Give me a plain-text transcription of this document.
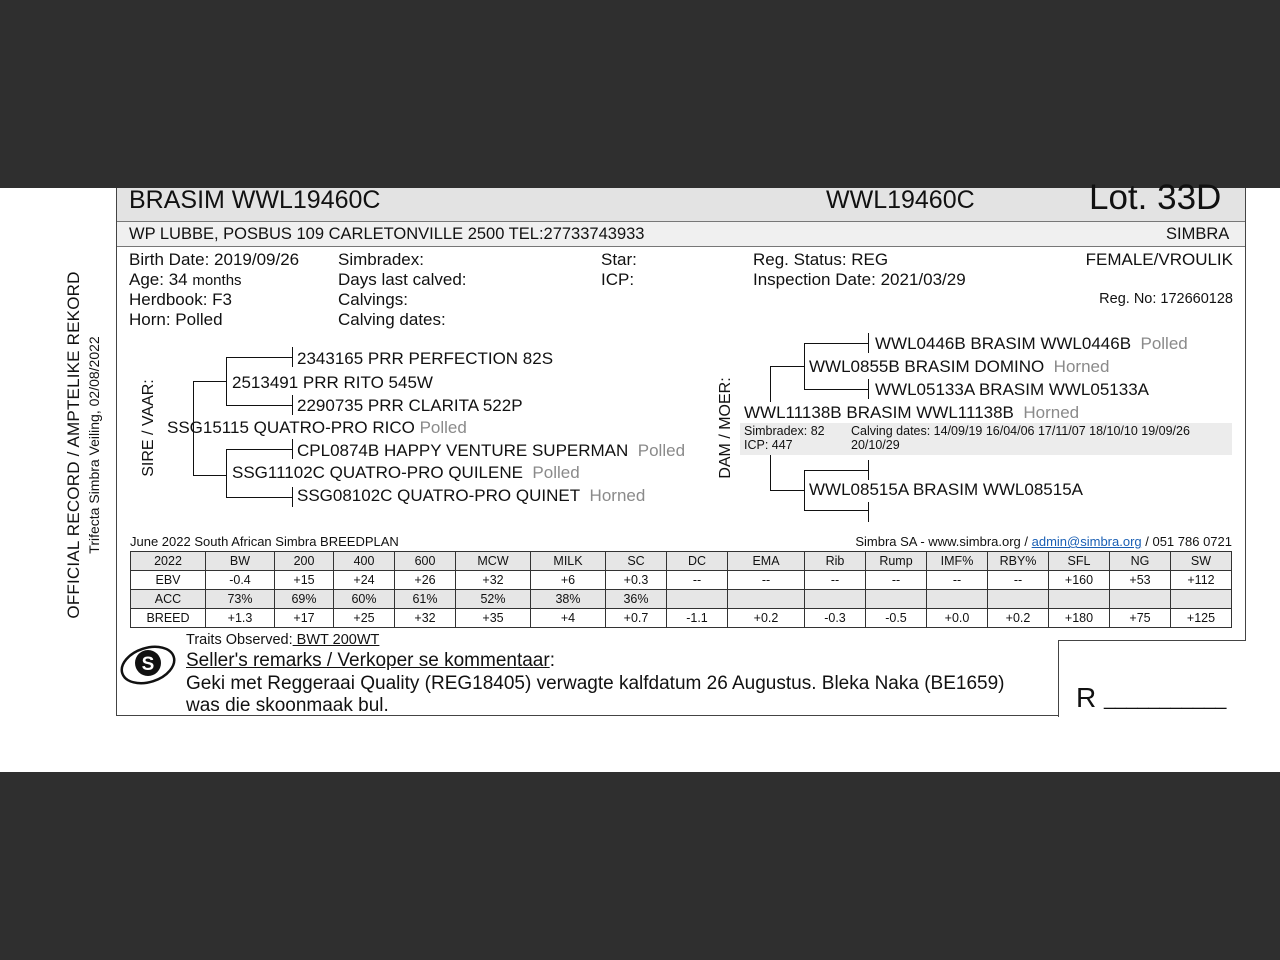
OFFICIAL RECORD / AMPTELIKE REKORD Trifecta Simbra Veiling, 02/08/2022
BRASIM WWL19460C	WWL19460C	Lot. 33D
WP LUBBE, POSBUS 109 CARLETONVILLE 2500 TEL:27733743933	SIMBRA
Birth Date: 2019/09/26
Age: 34 months
Herdbook: F3
Horn: Polled
Simbradex:
Days last calved:
Calvings:
Calving dates:
Star:
ICP:
Reg. Status: REG
Inspection Date: 2021/03/29
FEMALE/VROULIK
Reg. No: 172660128
SIRE / VAAR:
2343165 PRR PERFECTION 82S
2513491 PRR RITO 545W
2290735 PRR CLARITA 522P
SSG15115 QUATRO-PRO RICO Polled
CPL0874B HAPPY VENTURE SUPERMAN Polled
SSG11102C QUATRO-PRO QUILENE Polled
SSG08102C QUATRO-PRO QUINET Horned
DAM / MOER:
WWL0446B BRASIM WWL0446B Polled
WWL0855B BRASIM DOMINO Horned
WWL05133A BRASIM WWL05133A
WWL11138B BRASIM WWL11138B Horned
Simbradex: 82
ICP: 447
Calving dates: 14/09/19 16/04/06 17/11/07 18/10/10 19/09/26
20/10/29
WWL08515A BRASIM WWL08515A
June 2022 South African Simbra BREEDPLAN	Simbra SA - www.simbra.org / admin@simbra.org / 051 786 0721
2022	BW	200	400	600	MCW	MILK	SC	DC	EMA	Rib	Rump	IMF%	RBY%	SFL	NG	SW
EBV	-0.4	+15	+24	+26	+32	+6	+0.3	--	--	--	--	--	--	+160	+53	+112
ACC	73%	69%	60%	61%	52%	38%	36%									
BREED	+1.3	+17	+25	+32	+35	+4	+0.7	-1.1	+0.2	-0.3	-0.5	+0.0	+0.2	+180	+75	+125
R ___________
S
Traits Observed: BWT 200WT
Seller's remarks / Verkoper se kommentaar:
Geki met Reggeraai Quality (REG18405) verwagte kalfdatum 26 Augustus. Bleka Naka (BE1659)
was die skoonmaak bul.
